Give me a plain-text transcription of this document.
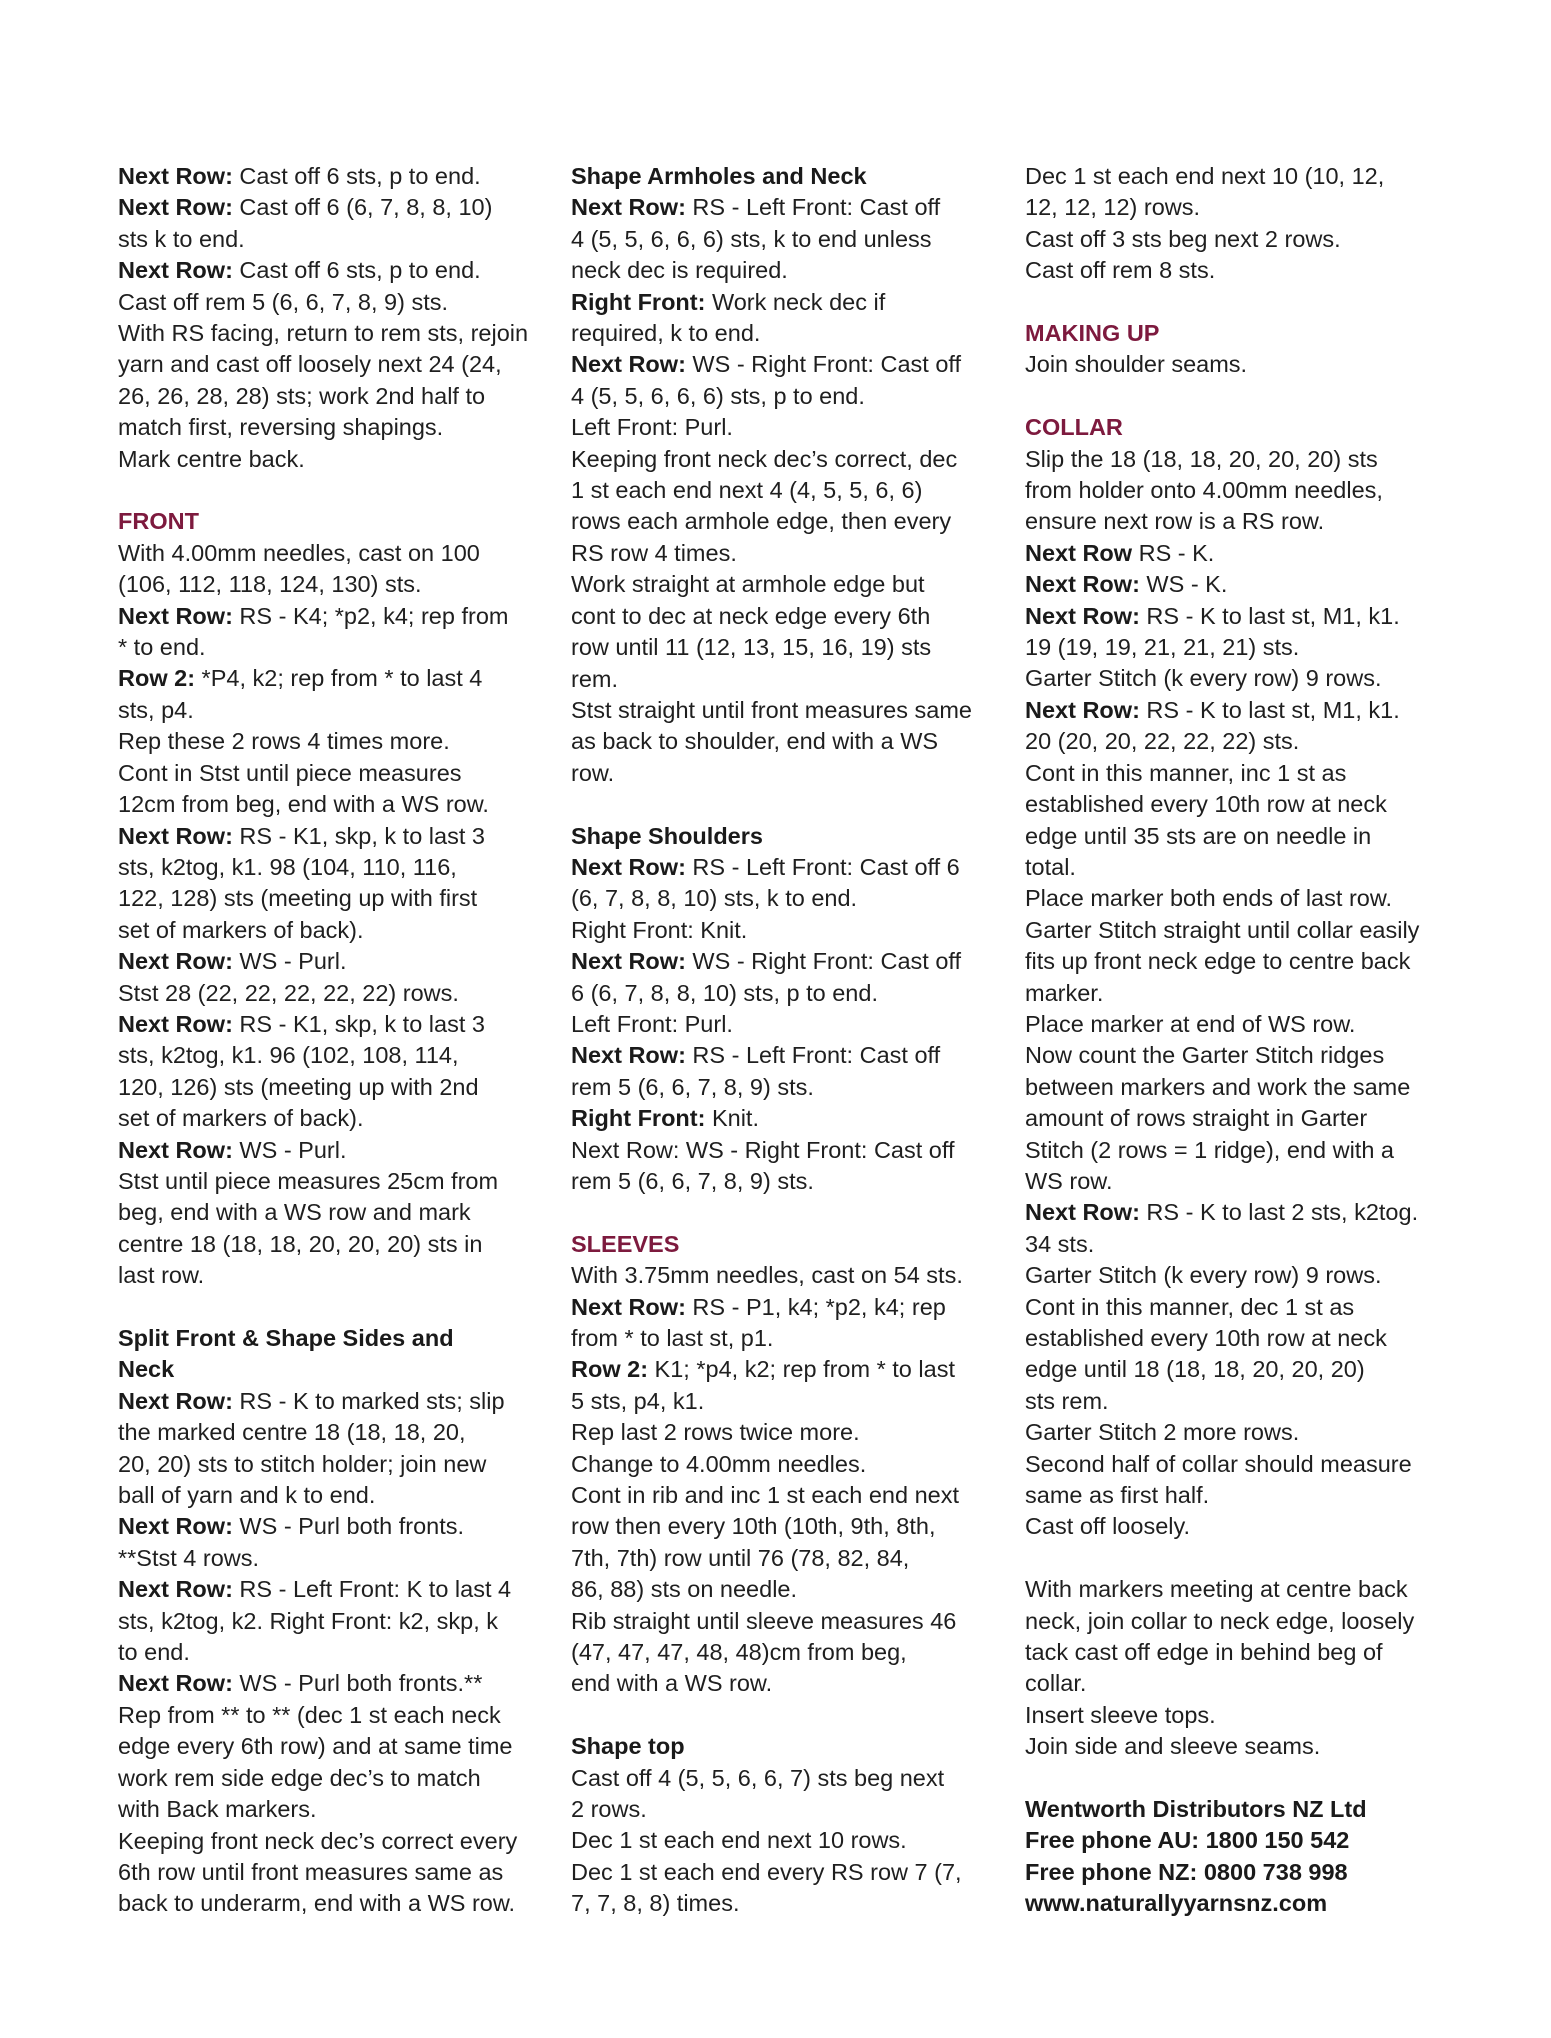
Next Row: Cast off 6 sts, p to end.
Next Row: Cast off 6 (6, 7, 8, 8, 10)
sts k to end.
Next Row: Cast off 6 sts, p to end.
Cast off rem 5 (6, 6, 7, 8, 9) sts.
With RS facing, return to rem sts, rejoin
yarn and cast off loosely next 24 (24,
26, 26, 28, 28) sts; work 2nd half to
match first, reversing shapings.
Mark centre back.
FRONT
With 4.00mm needles, cast on 100
(106, 112, 118, 124, 130) sts.
Next Row: RS - K4; *p2, k4; rep from
* to end.
Row 2: *P4, k2; rep from * to last 4
sts, p4.
Rep these 2 rows 4 times more.
Cont in Stst until piece measures
12cm from beg, end with a WS row.
Next Row: RS - K1, skp, k to last 3
sts, k2tog, k1. 98 (104, 110, 116,
122, 128) sts (meeting up with first
set of markers of back).
Next Row: WS - Purl.
Stst 28 (22, 22, 22, 22, 22) rows.
Next Row: RS - K1, skp, k to last 3
sts, k2tog, k1. 96 (102, 108, 114,
120, 126) sts (meeting up with 2nd
set of markers of back).
Next Row: WS - Purl.
Stst until piece measures 25cm from
beg, end with a WS row and mark
centre 18 (18, 18, 20, 20, 20) sts in
last row.
Split Front & Shape Sides and
Neck
Next Row: RS - K to marked sts; slip
the marked centre 18 (18, 18, 20,
20, 20) sts to stitch holder; join new
ball of yarn and k to end.
Next Row: WS - Purl both fronts.
**Stst 4 rows.
Next Row: RS - Left Front: K to last 4
sts, k2tog, k2. Right Front: k2, skp, k
to end.
Next Row: WS - Purl both fronts.**
Rep from ** to ** (dec 1 st each neck
edge every 6th row) and at same time
work rem side edge dec’s to match
with Back markers.
Keeping front neck dec’s correct every
6th row until front measures same as
back to underarm, end with a WS row.
Shape Armholes and Neck
Next Row: RS - Left Front: Cast off
4 (5, 5, 6, 6, 6) sts, k to end unless
neck dec is required.
Right Front: Work neck dec if
required, k to end.
Next Row: WS - Right Front: Cast off
4 (5, 5, 6, 6, 6) sts, p to end.
Left Front: Purl.
Keeping front neck dec’s correct, dec
1 st each end next 4 (4, 5, 5, 6, 6)
rows each armhole edge, then every
RS row 4 times.
Work straight at armhole edge but
cont to dec at neck edge every 6th
row until 11 (12, 13, 15, 16, 19) sts
rem.
Stst straight until front measures same
as back to shoulder, end with a WS
row.
Shape Shoulders
Next Row: RS - Left Front: Cast off 6
(6, 7, 8, 8, 10) sts, k to end.
Right Front: Knit.
Next Row: WS - Right Front: Cast off
6 (6, 7, 8, 8, 10) sts, p to end.
Left Front: Purl.
Next Row: RS - Left Front: Cast off
rem 5 (6, 6, 7, 8, 9) sts.
Right Front: Knit.
Next Row: WS - Right Front: Cast off
rem 5 (6, 6, 7, 8, 9) sts.
SLEEVES
With 3.75mm needles, cast on 54 sts.
Next Row: RS - P1, k4; *p2, k4; rep
from * to last st, p1.
Row 2: K1; *p4, k2; rep from * to last
5 sts, p4, k1.
Rep last 2 rows twice more.
Change to 4.00mm needles.
Cont in rib and inc 1 st each end next
row then every 10th (10th, 9th, 8th,
7th, 7th) row until 76 (78, 82, 84,
86, 88) sts on needle.
Rib straight until sleeve measures 46
(47, 47, 47, 48, 48)cm from beg,
end with a WS row.
Shape top
Cast off 4 (5, 5, 6, 6, 7) sts beg next
2 rows.
Dec 1 st each end next 10 rows.
Dec 1 st each end every RS row 7 (7,
7, 7, 8, 8) times.
Dec 1 st each end next 10 (10, 12,
12, 12, 12) rows.
Cast off 3 sts beg next 2 rows.
Cast off rem 8 sts.
MAKING UP
Join shoulder seams.
COLLAR
Slip the 18 (18, 18, 20, 20, 20) sts
from holder onto 4.00mm needles,
ensure next row is a RS row.
Next Row RS - K.
Next Row: WS - K.
Next Row: RS - K to last st, M1, k1.
19 (19, 19, 21, 21, 21) sts.
Garter Stitch (k every row) 9 rows.
Next Row: RS - K to last st, M1, k1.
20 (20, 20, 22, 22, 22) sts.
Cont in this manner, inc 1 st as
established every 10th row at neck
edge until 35 sts are on needle in
total.
Place marker both ends of last row.
Garter Stitch straight until collar easily
fits up front neck edge to centre back
marker.
Place marker at end of WS row.
Now count the Garter Stitch ridges
between markers and work the same
amount of rows straight in Garter
Stitch (2 rows = 1 ridge), end with a
WS row.
Next Row: RS - K to last 2 sts, k2tog.
34 sts.
Garter Stitch (k every row) 9 rows.
Cont in this manner, dec 1 st as
established every 10th row at neck
edge until 18 (18, 18, 20, 20, 20)
sts rem.
Garter Stitch 2 more rows.
Second half of collar should measure
same as first half.
Cast off loosely.
With markers meeting at centre back
neck, join collar to neck edge, loosely
tack cast off edge in behind beg of
collar.
Insert sleeve tops.
Join side and sleeve seams.
Wentworth Distributors NZ Ltd
Free phone AU: 1800 150 542
Free phone NZ: 0800 738 998
www.naturallyyarnsnz.com
